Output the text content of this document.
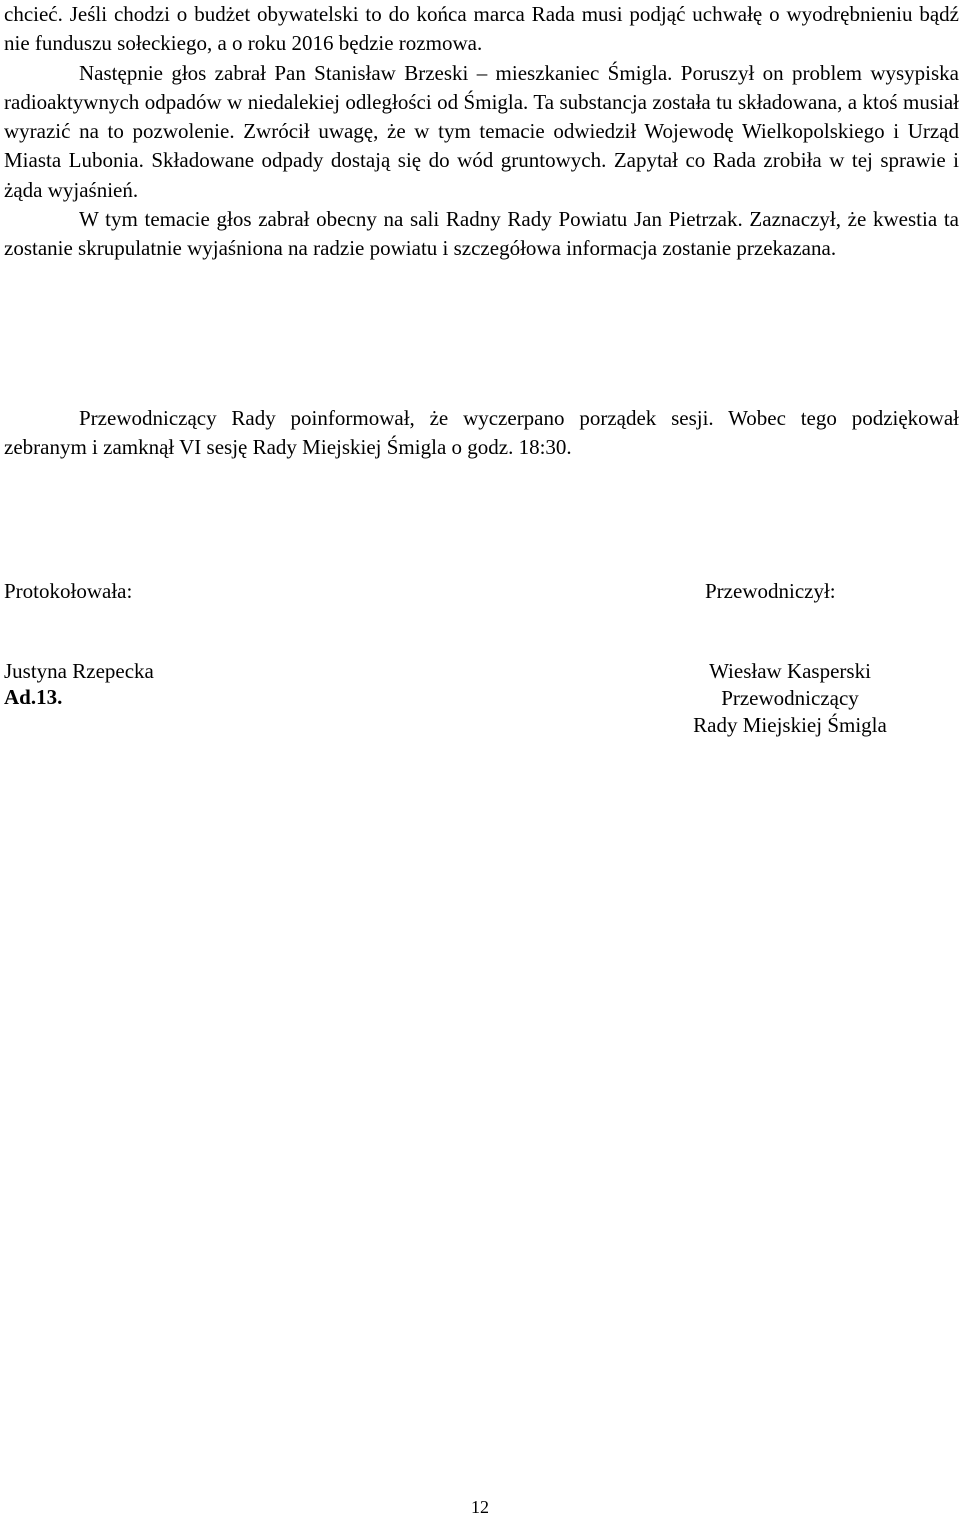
chcieć. Jeśli chodzi o budżet obywatelski to do końca marca Rada musi podjąć uchwałę o wyodrębnieniu bądź nie funduszu sołeckiego, a o roku 2016 będzie rozmowa.

Następnie głos zabrał Pan Stanisław Brzeski – mieszkaniec Śmigla. Poruszył on problem wysypiska radioaktywnych odpadów w niedalekiej odległości od Śmigla. Ta substancja została tu składowana, a ktoś musiał wyrazić na to pozwolenie. Zwrócił uwagę, że w tym temacie odwiedził Wojewodę Wielkopolskiego i Urząd Miasta Lubonia. Składowane odpady dostają się do wód gruntowych. Zapytał co Rada zrobiła w tej sprawie i żąda wyjaśnień.

W tym temacie głos zabrał obecny na sali Radny Rady Powiatu Jan Pietrzak. Zaznaczył, że kwestia ta zostanie skrupulatnie wyjaśniona na radzie powiatu i szczegółowa informacja zostanie przekazana.

Ad.13.

Przewodniczący Rady poinformował, że wyczerpano porządek sesji. Wobec tego podziękował zebranym i zamknął VI sesję Rady Miejskiej Śmigla o godz. 18:30.

Protokołowała:	Przewodniczył:

Justyna Rzepecka	Wiesław Kasperski
Przewodniczący
Rady Miejskiej Śmigla
12
